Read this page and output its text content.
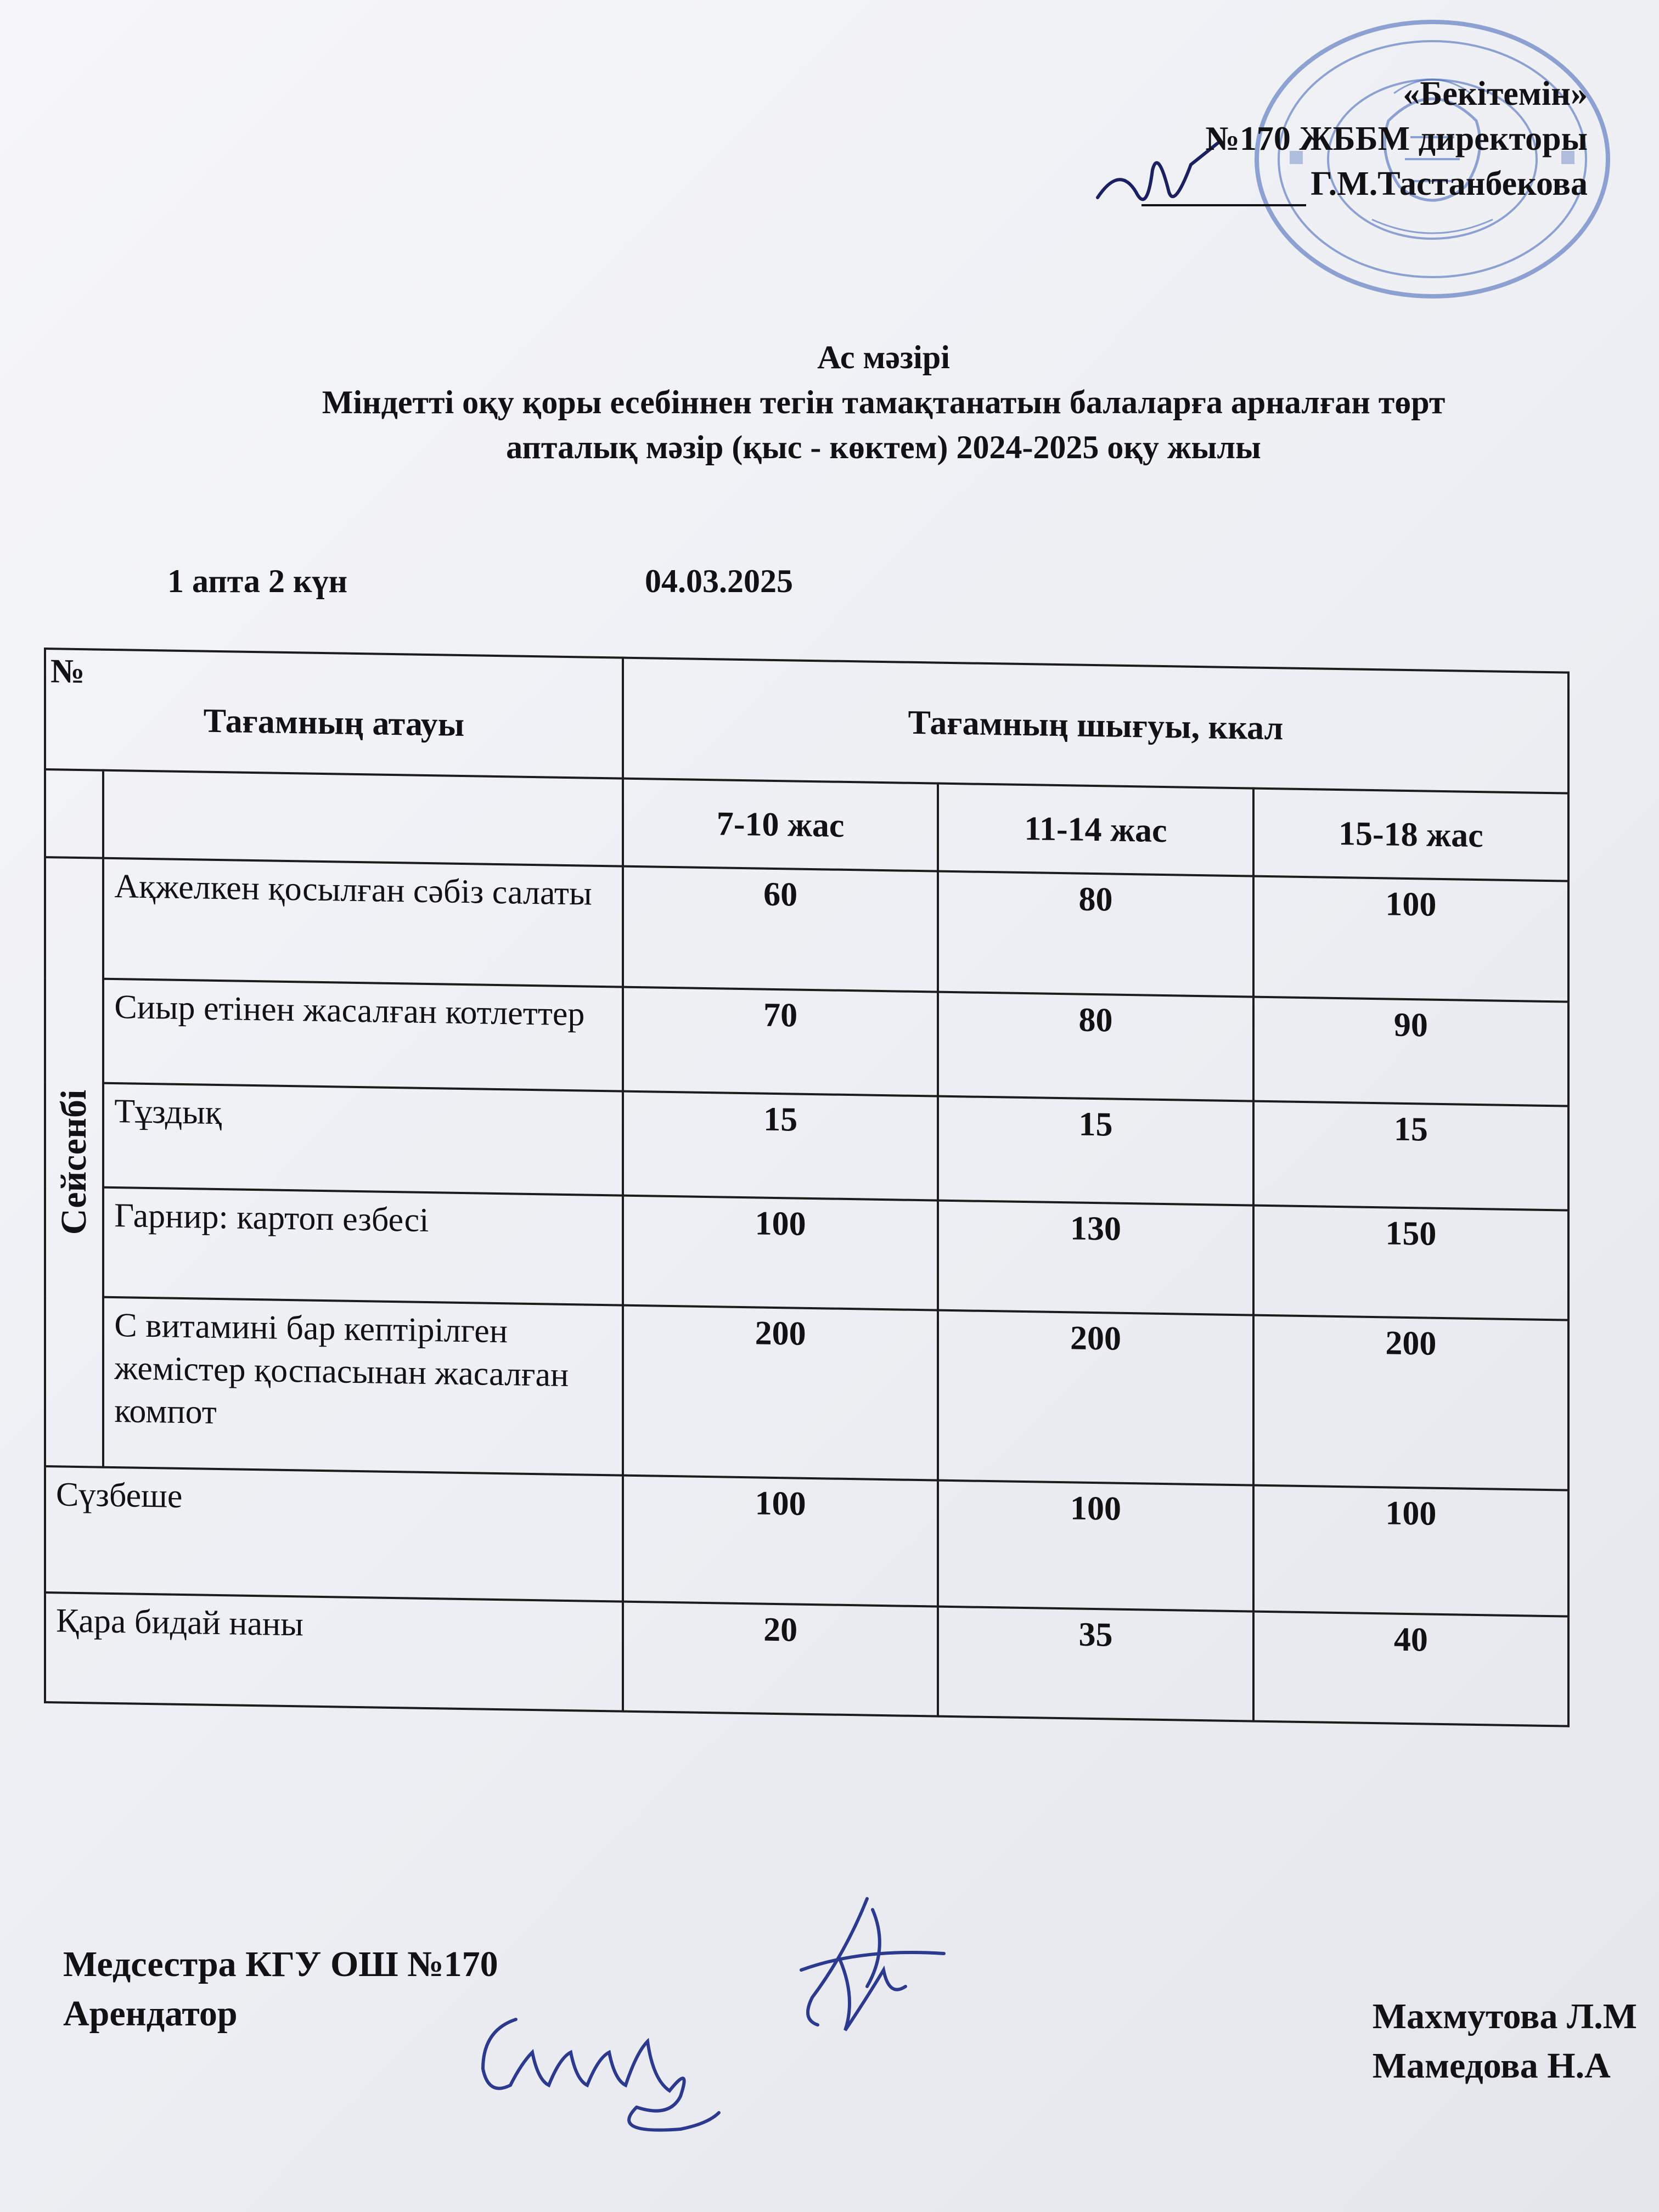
«Бекітемін»
№170 ЖББМ директоры
Г.М.Тастанбекова
Ас мәзірі
Міндетті оқу қоры есебіннен тегін тамақтанатын балаларға арналған төрт
апталық мәзір (қыс - көктем) 2024-2025 оқу жылы
1 апта 2 күн	04.03.2025
№
Тағамның атауы		Тағамның шығуы, ккал		
		7-10 жас	11-14 жас	15-18 жас

Сейсенбі	Ақжелкен қосылған сәбіз салаты	60	80	100
	Сиыр етінен жасалған котлеттер	70	80	90
	Тұздық	15	15	15
	Гарнир: картоп езбесі	100	130	150
	С витамині бар кептірілген жемістер қоспасынан жасалған компот	200	200	200
Сүзбеше		100	100	100
Қара бидай наны		20	35	40
Медсестра КГУ ОШ №170
Арендатор	Махмутова Л.М
Мамедова Н.А
